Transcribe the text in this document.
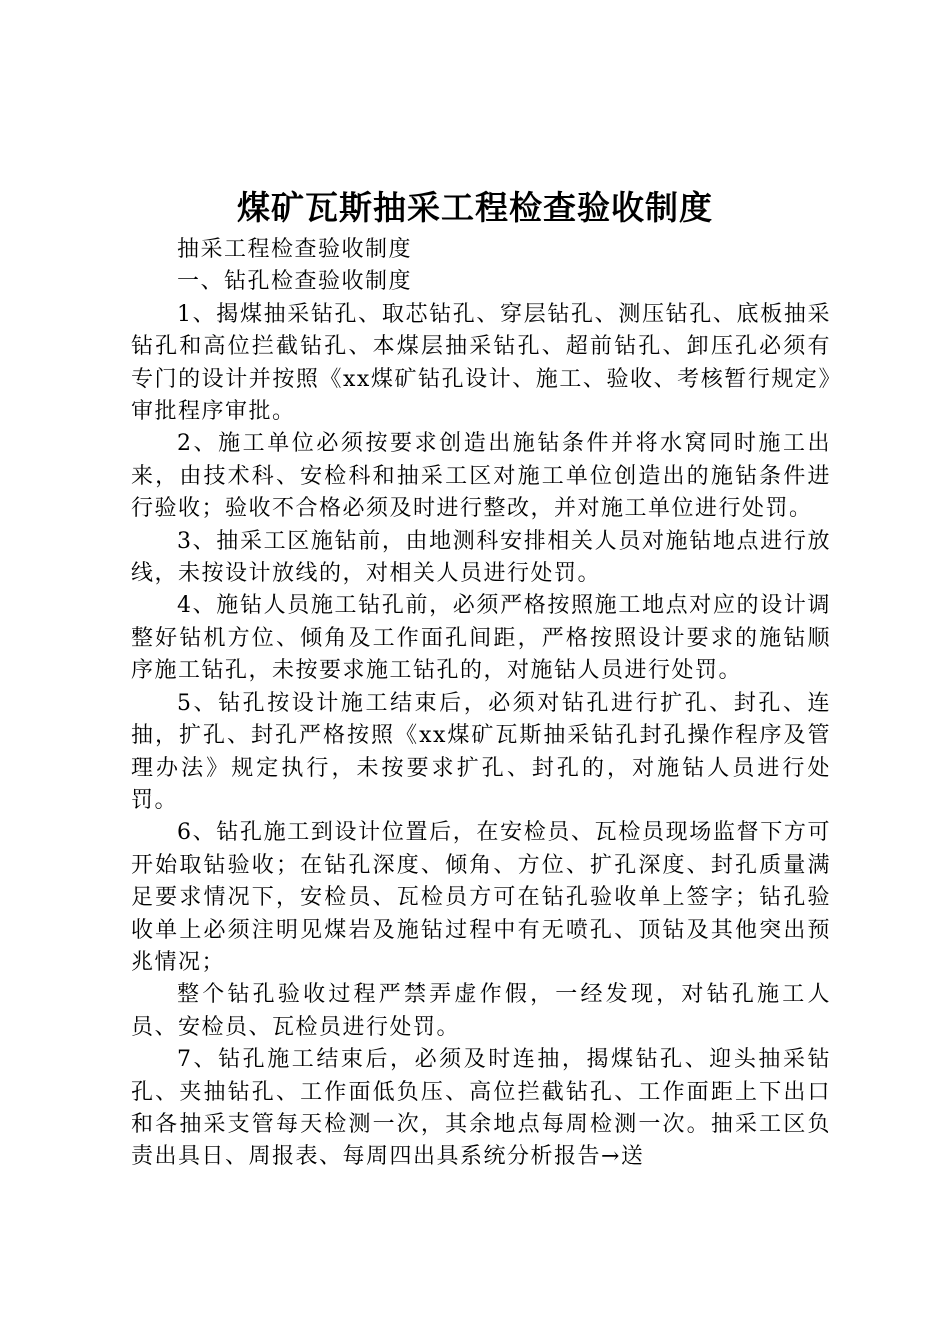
煤矿瓦斯抽采工程检查验收制度

抽采工程检查验收制度

一、钻孔检查验收制度

1、揭煤抽采钻孔、取芯钻孔、穿层钻孔、测压钻孔、底板抽采钻孔和高位拦截钻孔、本煤层抽采钻孔、超前钻孔、卸压孔必须有专门的设计并按照《xx煤矿钻孔设计、施工、验收、考核暂行规定》审批程序审批。

2、施工单位必须按要求创造出施钻条件并将水窝同时施工出来，由技术科、安检科和抽采工区对施工单位创造出的施钻条件进行验收；验收不合格必须及时进行整改，并对施工单位进行处罚。

3、抽采工区施钻前，由地测科安排相关人员对施钻地点进行放线，未按设计放线的，对相关人员进行处罚。

4、施钻人员施工钻孔前，必须严格按照施工地点对应的设计调整好钻机方位、倾角及工作面孔间距，严格按照设计要求的施钻顺序施工钻孔，未按要求施工钻孔的，对施钻人员进行处罚。

5、钻孔按设计施工结束后，必须对钻孔进行扩孔、封孔、连抽，扩孔、封孔严格按照《xx煤矿瓦斯抽采钻孔封孔操作程序及管理办法》规定执行，未按要求扩孔、封孔的，对施钻人员进行处罚。

6、钻孔施工到设计位置后，在安检员、瓦检员现场监督下方可开始取钻验收；在钻孔深度、倾角、方位、扩孔深度、封孔质量满足要求情况下，安检员、瓦检员方可在钻孔验收单上签字；钻孔验收单上必须注明见煤岩及施钻过程中有无喷孔、顶钻及其他突出预兆情况；

整个钻孔验收过程严禁弄虚作假，一经发现，对钻孔施工人员、安检员、瓦检员进行处罚。

7、钻孔施工结束后，必须及时连抽，揭煤钻孔、迎头抽采钻孔、夹抽钻孔、工作面低负压、高位拦截钻孔、工作面距上下出口和各抽采支管每天检测一次，其余地点每周检测一次。抽采工区负责出具日、周报表、每周四出具系统分析报告→送
